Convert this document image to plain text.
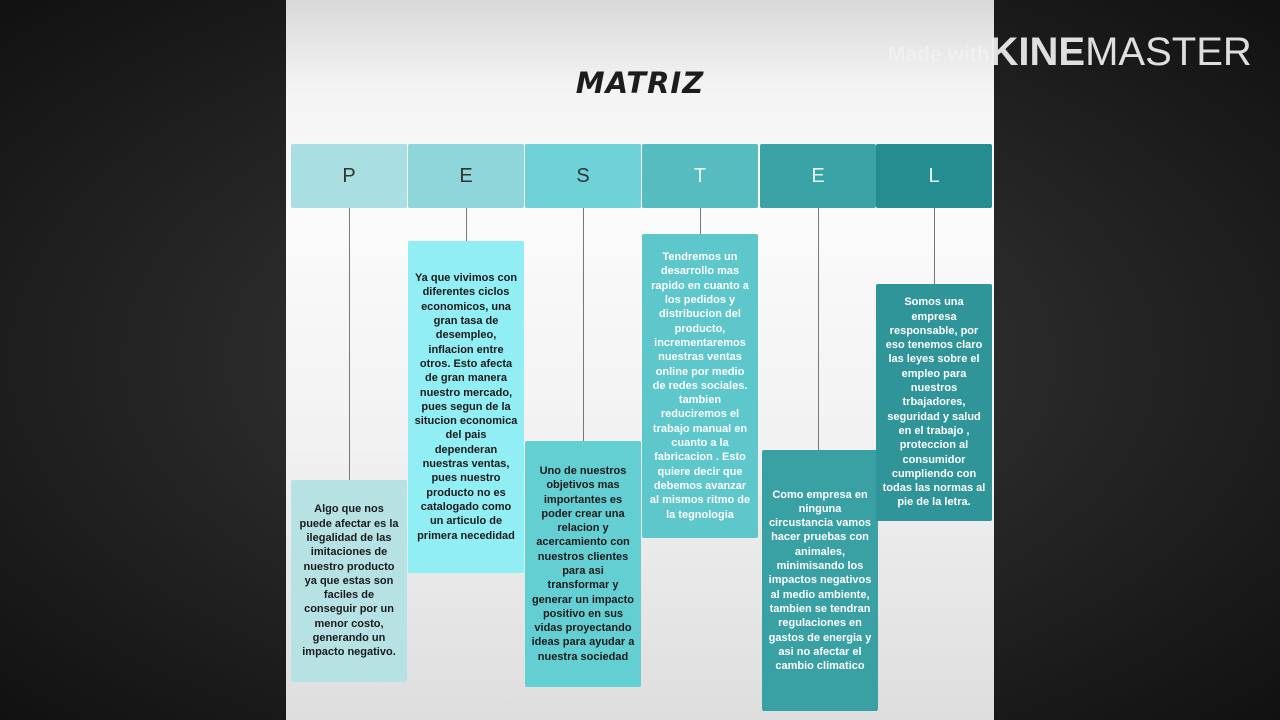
MATRIZ
P	E	S	T	E	L
Algo que nos puede afectar es la ilegalidad de las imitaciones de nuestro producto ya que estas son faciles de conseguir por un menor costo, generando un impacto negativo.
Ya que vivimos con diferentes ciclos economicos, una gran tasa de desempleo, inflacion entre otros. Esto afecta de gran manera nuestro mercado, pues segun de la situcion economica del pais dependeran nuestras ventas, pues nuestro producto no es catalogado como un articulo de primera necedidad
Uno de nuestros objetivos mas importantes es poder crear una relacion y acercamiento con nuestros clientes para asi transformar y generar un impacto positivo en sus vidas proyectando ideas para ayudar a nuestra sociedad
Tendremos un desarrollo mas rapido en cuanto a los pedidos y distribucion del producto, incrementaremos nuestras ventas online por medio de redes sociales. tambien reduciremos el trabajo manual en cuanto a la fabricacion . Esto quiere decir que debemos avanzar al mismos ritmo de la tegnologia
Como empresa en ninguna circustancia vamos hacer pruebas con animales, minimisando los impactos negativos al medio ambiente, tambien se tendran regulaciones en gastos de energia y asi no afectar el cambio climatico
Somos una empresa responsable, por eso tenemos claro las leyes sobre el empleo para nuestros trbajadores, seguridad y salud en el trabajo , proteccion al consumidor cumpliendo con todas las normas al pie de la letra.
Made withKINEMASTER
